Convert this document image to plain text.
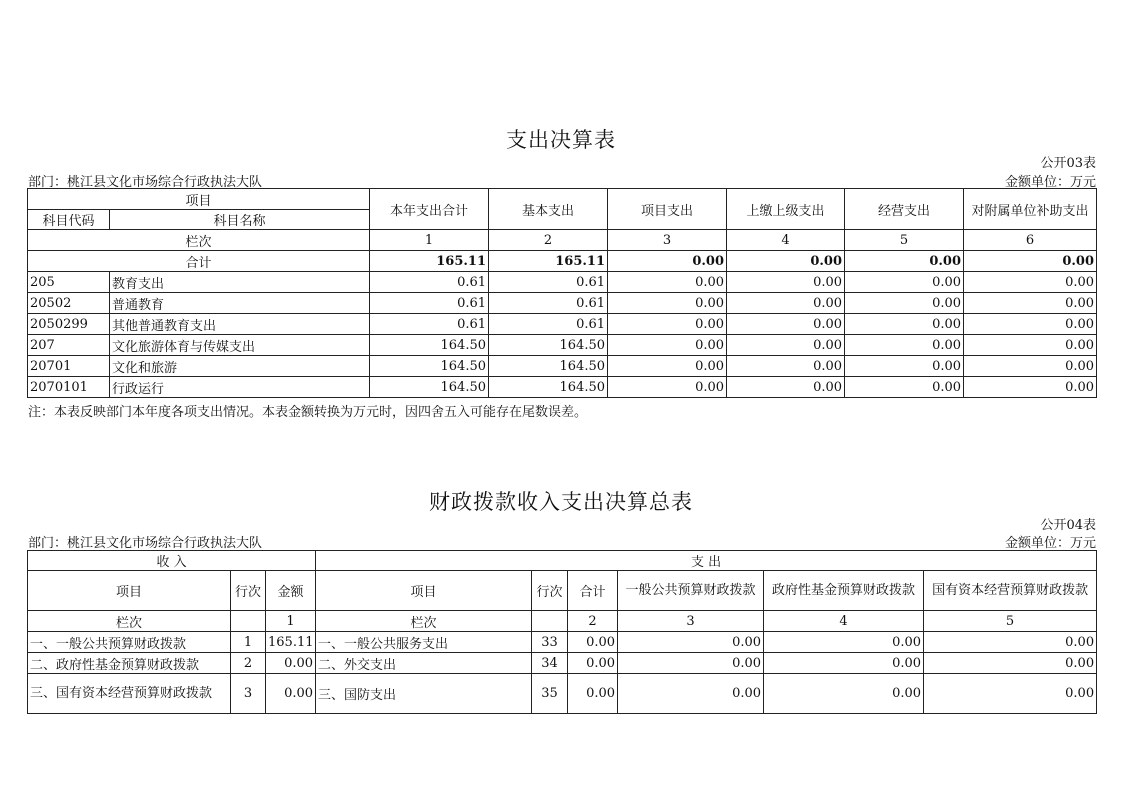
支出决算表
公开03表
部门：桃江县文化市场综合行政执法大队	金额单位：万元
项目		本年支出合计	基本支出	项目支出	上缴上级支出	经营支出	对附属单位补助支出
科目代码	科目名称						
栏次		1	2	3	4	5	6
合计		165.11	165.11	0.00	0.00	0.00	0.00
205	教育支出	0.61	0.61	0.00	0.00	0.00	0.00
20502	普通教育	0.61	0.61	0.00	0.00	0.00	0.00
2050299	其他普通教育支出	0.61	0.61	0.00	0.00	0.00	0.00
207	文化旅游体育与传媒支出	164.50	164.50	0.00	0.00	0.00	0.00
20701	文化和旅游	164.50	164.50	0.00	0.00	0.00	0.00
2070101	行政运行	164.50	164.50	0.00	0.00	0.00	0.00
注：本表反映部门本年度各项支出情况。本表金额转换为万元时，因四舍五入可能存在尾数误差。
财政拨款收入支出决算总表
公开04表
部门：桃江县文化市场综合行政执法大队	金额单位：万元
收 入			支 出					
项目	行次	金额	项目	行次	合计	一般公共预算财政拨款	政府性基金预算财政拨款	国有资本经营预算财政拨款
栏次		1	栏次		2	3	4	5
一、一般公共预算财政拨款	1	165.11	一、一般公共服务支出	33	0.00	0.00	0.00	0.00
二、政府性基金预算财政拨款	2	0.00	二、外交支出	34	0.00	0.00	0.00	0.00
三、国有资本经营预算财政拨款	3	0.00	三、国防支出	35	0.00	0.00	0.00	0.00
